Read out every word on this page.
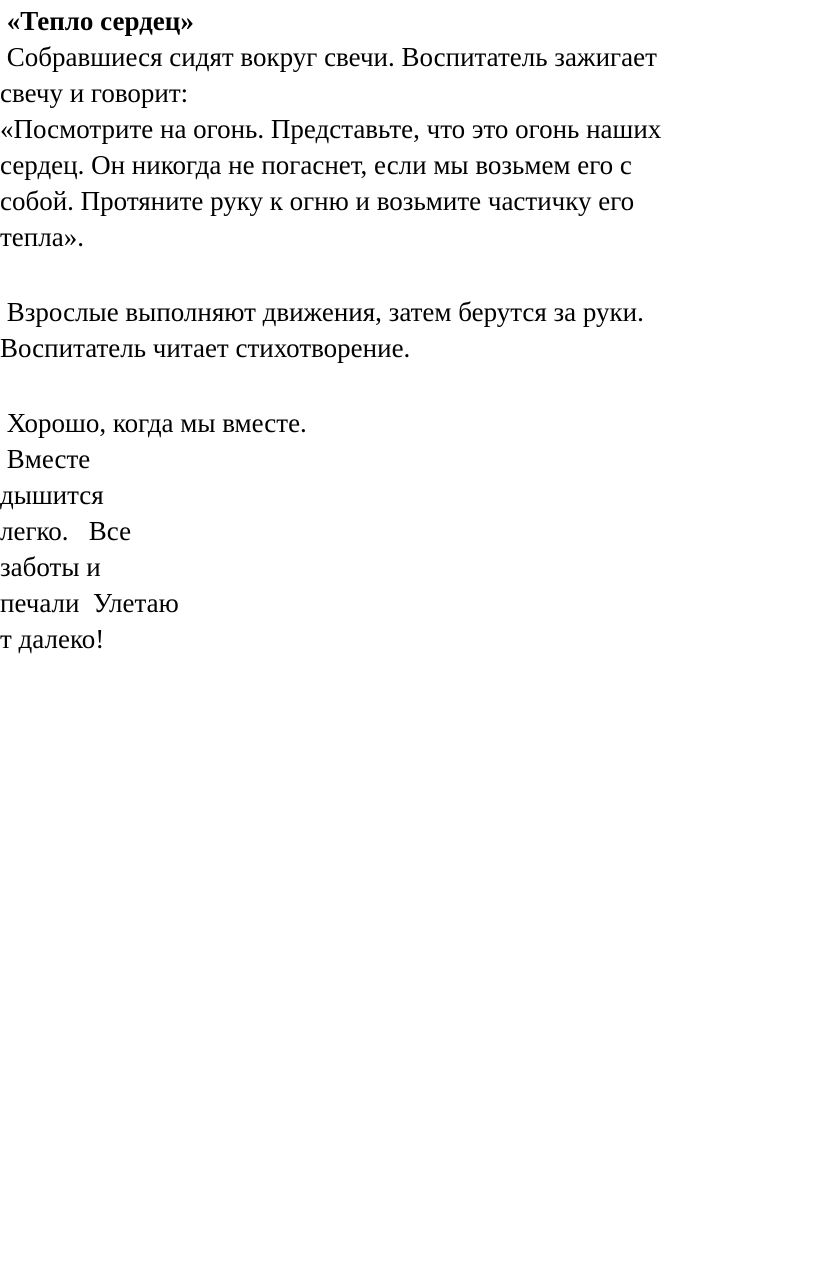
«Тепло сердец»
Собравшиеся сидят вокруг свечи. Воспитатель зажигает
свечу и говорит:
«Посмотрите на огонь. Представьте, что это огонь наших
сердец. Он никогда не погаснет, если мы возьмем его с
собой. Протяните руку к огню и возьмите частичку его
тепла».
Взрослые выполняют движения, затем берутся за руки.
Воспитатель читает стихотворение.
Хорошо, когда мы вместе.
Вместе
дышится
легко.   Все
заботы и
печали  Улетаю
т далеко!
